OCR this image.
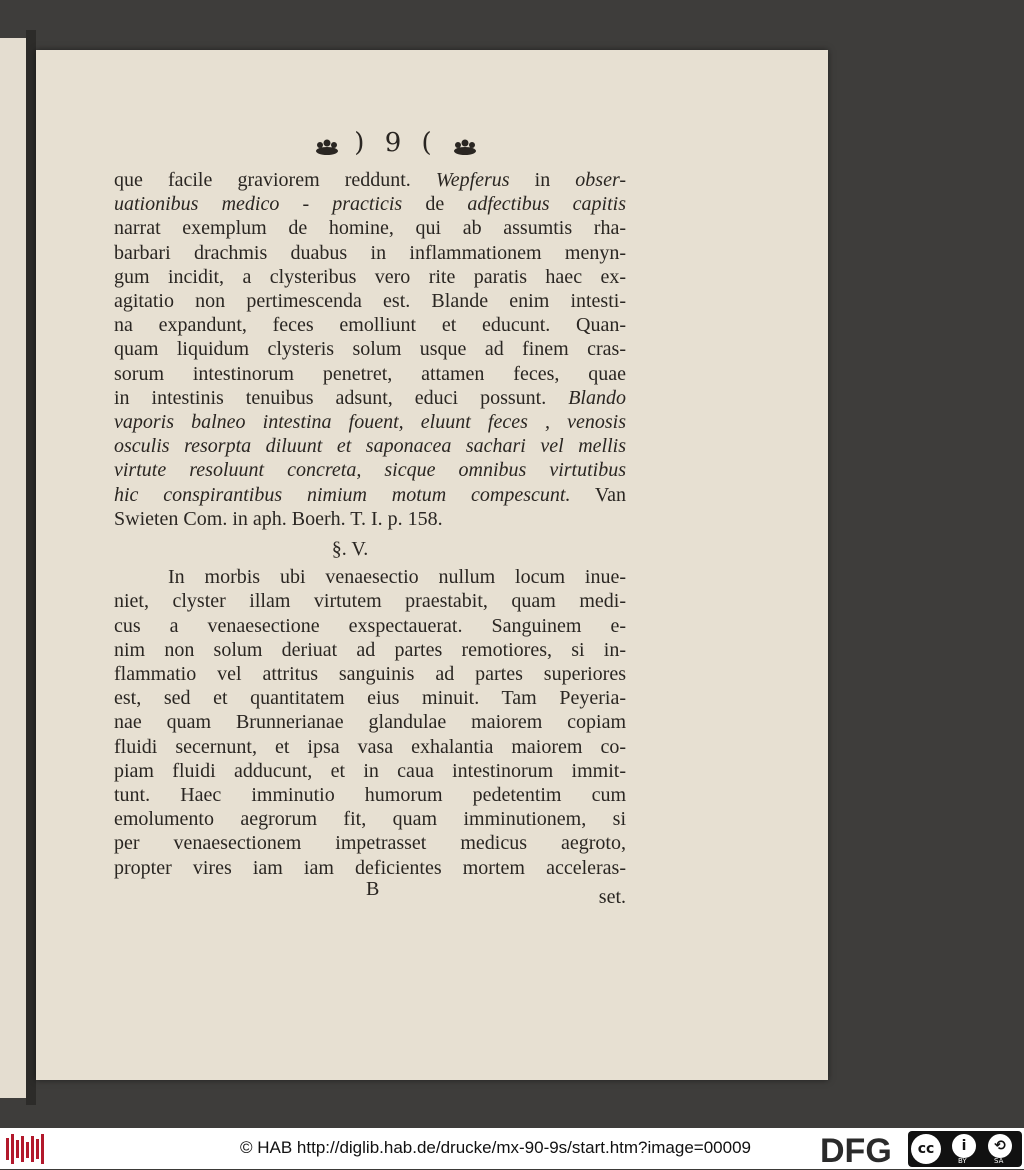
) 9 (
que facile graviorem reddunt. Wepferus in obser-
uationibus medico - practicis de adfectibus capitis
narrat exemplum de homine, qui ab assumtis rha-
barbari drachmis duabus in inflammationem menyn-
gum incidit, a clysteribus vero rite paratis haec ex-
agitatio non pertimescenda est. Blande enim intesti-
na expandunt, feces emolliunt et educunt. Quan-
quam liquidum clysteris solum usque ad finem cras-
sorum intestinorum penetret, attamen feces, quae
in intestinis tenuibus adsunt, educi possunt. Blando
vaporis balneo intestina fouent, eluunt feces , venosis
osculis resorpta diluunt et saponacea sachari vel mellis
virtute resoluunt concreta, sicque omnibus virtutibus
hic conspirantibus nimium motum compescunt. Van
Swieten Com. in aph. Boerh. T. I. p. 158.
§. V.
In morbis ubi venaesectio nullum locum inue-
niet, clyster illam virtutem praestabit, quam medi-
cus a venaesectione exspectauerat. Sanguinem e-
nim non solum deriuat ad partes remotiores, si in-
flammatio vel attritus sanguinis ad partes superiores
est, sed et quantitatem eius minuit. Tam Peyeria-
nae quam Brunnerianae glandulae maiorem copiam
fluidi secernunt, et ipsa vasa exhalantia maiorem co-
piam fluidi adducunt, et in caua intestinorum immit-
tunt. Haec imminutio humorum pedetentim cum
emolumento aegrorum fit, quam imminutionem, si
per venaesectionem impetrasset medicus aegroto,
propter vires iam iam deficientes mortem acceleras-
B	set.
© HAB http://diglib.hab.de/drucke/mx-90-9s/start.htm?image=00009 DFG	cc	i	⟲
BY	SA
